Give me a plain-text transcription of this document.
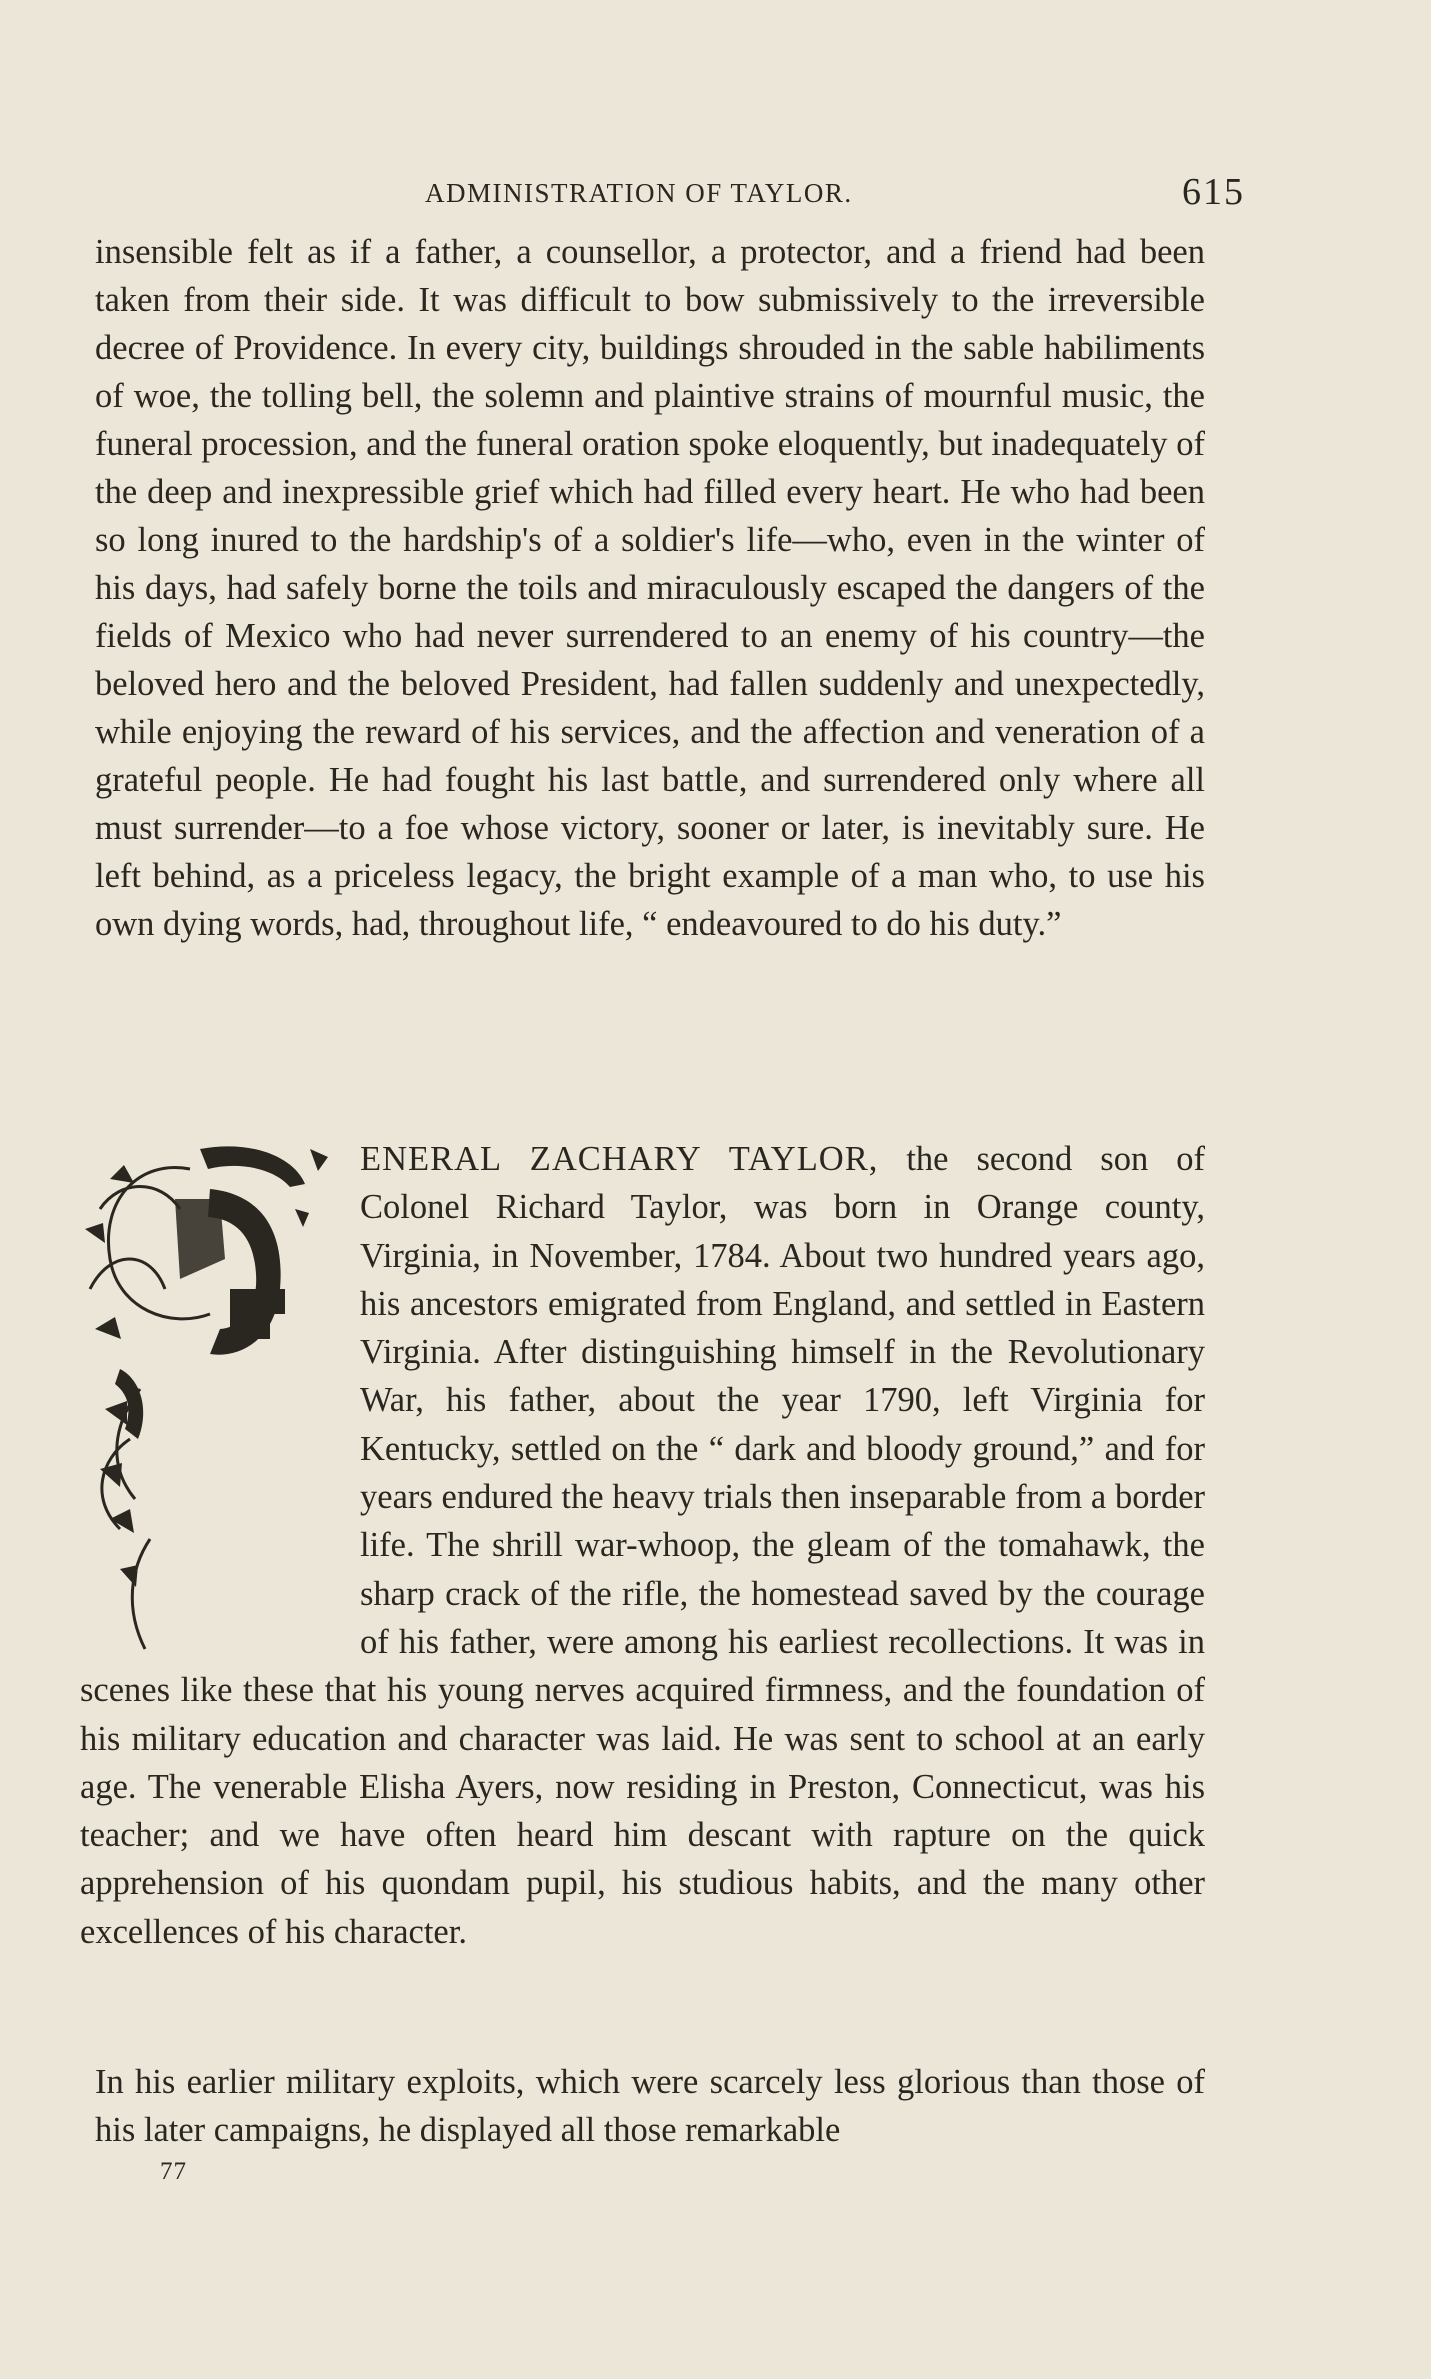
ADMINISTRATION OF TAYLOR.	615

insensible felt as if a father, a counsellor, a protector, and a friend had been taken from their side. It was difficult to bow submissively to the irreversible decree of Providence. In every city, buildings shrouded in the sable habiliments of woe, the tolling bell, the solemn and plaintive strains of mournful music, the funeral procession, and the funeral oration spoke eloquently, but inadequately of the deep and inexpressible grief which had filled every heart. He who had been so long inured to the hardship's of a soldier's life—who, even in the winter of his days, had safely borne the toils and miraculously escaped the dangers of the fields of Mexico who had never surrendered to an enemy of his country—the beloved hero and the beloved President, had fallen suddenly and unexpectedly, while enjoying the reward of his services, and the affection and veneration of a grateful people. He had fought his last battle, and surrendered only where all must surrender—to a foe whose victory, sooner or later, is inevitably sure. He left behind, as a priceless legacy, the bright example of a man who, to use his own dying words, had, throughout life, “ endeavoured to do his duty.”

ENERAL ZACHARY TAYLOR, the second son of Colonel Richard Taylor, was born in Orange county, Virginia, in November, 1784. About two hundred years ago, his ancestors emigrated from England, and settled in Eastern Virginia. After distinguishing himself in the Revolutionary War, his father, about the year 1790, left Virginia for Kentucky, settled on the “ dark and bloody ground,” and for years endured the heavy trials then inseparable from a border life. The shrill war-whoop, the gleam of the tomahawk, the sharp crack of the rifle, the homestead saved by the courage of his father, were among his earliest recollections. It was in scenes like these that his young nerves acquired firmness, and the foundation of his military education and character was laid. He was sent to school at an early age. The venerable Elisha Ayers, now residing in Preston, Connecticut, was his teacher; and we have often heard him descant with rapture on the quick apprehension of his quondam pupil, his studious habits, and the many other excellences of his character.

In his earlier military exploits, which were scarcely less glorious than those of his later campaigns, he displayed all those remarkable

77
